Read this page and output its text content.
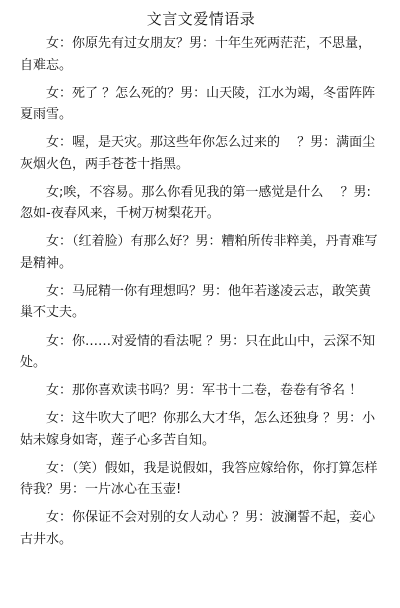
文言文爱情语录
女：你原先有过女朋友？男：十年生死两茫茫，不思量，自难忘。
女：死了 ？怎么死的？男：山天陵，江水为竭，冬雷阵阵夏雨雪。
女：喔，是天灾。那这些年你怎么过来的　 ？男：满面尘灰烟火色，两手苍苍十指黑。
女;唉，不容易。那么你看见我的第一感觉是什么　 ？男:忽如-夜春风来，千树万树梨花开。
女：（红着脸）有那么好？男：糟粕所传非粹美，丹青难写是精神。
女：马屁精一你有理想吗？男：他年若遂凌云志，敢笑黄巢不丈夫。
女：你……对爱情的看法呢 ？男：只在此山中，云深不知处。
女：那你喜欢读书吗？男：军书十二卷，卷卷有爷名 ！
女：这牛吹大了吧？你那么大才华，怎么还独身 ？男：小姑未嫁身如寄，莲子心多苦自知。
女：（笑）假如，我是说假如，我答应嫁给你，你打算怎样待我？男：一片冰心在玉壶!
女：你保证不会对别的女人动心 ？男：波澜誓不起，妾心古井水。
